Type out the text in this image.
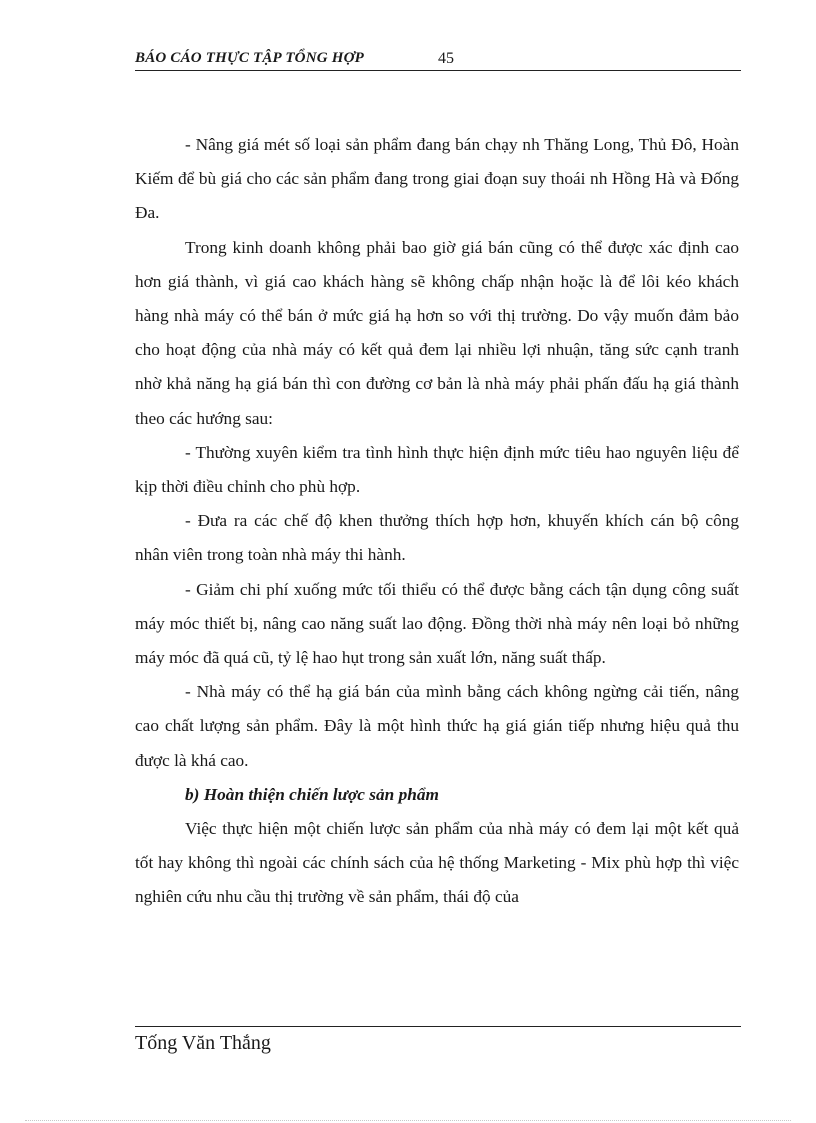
BÁO CÁO THỰC TẬP TỔNG HỢP	45

- Nâng giá mét số loại sản phẩm đang bán chạy nh Thăng Long, Thủ Đô, Hoàn Kiếm để bù giá cho các sản phẩm đang trong giai đoạn suy thoái nh Hồng Hà và Đống Đa.

Trong kinh doanh không phải bao giờ giá bán cũng có thể được xác định cao hơn giá thành, vì giá cao khách hàng sẽ không chấp nhận hoặc là để lôi kéo khách hàng nhà máy có thể bán ở mức giá hạ hơn so với thị trường. Do vậy muốn đảm bảo cho hoạt động của nhà máy có kết quả đem lại nhiều lợi nhuận, tăng sức cạnh tranh nhờ khả năng hạ giá bán thì con đường cơ bản là nhà máy phải phấn đấu hạ giá thành theo các hướng sau:

- Thường xuyên kiểm tra tình hình thực hiện định mức tiêu hao nguyên liệu để kịp thời điều chỉnh cho phù hợp.

- Đưa ra các chế độ khen thưởng thích hợp hơn, khuyến khích cán bộ công nhân viên trong toàn nhà máy thi hành.

- Giảm chi phí xuống mức tối thiểu có thể được bằng cách tận dụng công suất máy móc thiết bị, nâng cao năng suất lao động. Đồng thời nhà máy nên loại bỏ những máy móc đã quá cũ, tỷ lệ hao hụt trong sản xuất lớn, năng suất thấp.

- Nhà máy có thể hạ giá bán của mình bằng cách không ngừng cải tiến, nâng cao chất lượng sản phẩm. Đây là một hình thức hạ giá gián tiếp nhưng hiệu quả thu được là khá cao.

b) Hoàn thiện chiến lược sản phẩm

Việc thực hiện một chiến lược sản phẩm của nhà máy có đem lại một kết quả tốt hay không thì ngoài các chính sách của hệ thống Marketing - Mix phù hợp thì việc nghiên cứu nhu cầu thị trường về sản phẩm, thái độ của

Tống Văn Thắng
